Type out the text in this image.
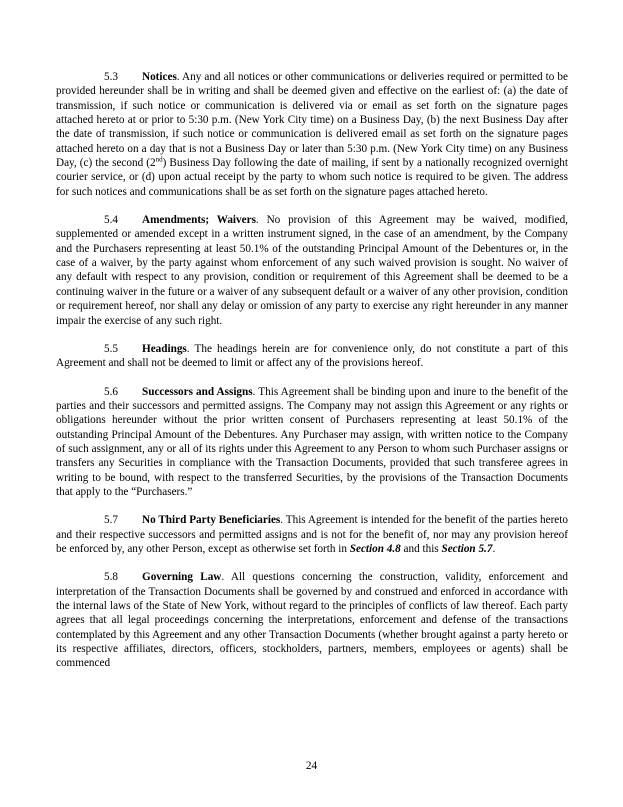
5.3 Notices. Any and all notices or other communications or deliveries required or permitted to be provided hereunder shall be in writing and shall be deemed given and effective on the earliest of: (a) the date of transmission, if such notice or communication is delivered via or email as set forth on the signature pages attached hereto at or prior to 5:30 p.m. (New York City time) on a Business Day, (b) the next Business Day after the date of transmission, if such notice or communication is delivered email as set forth on the signature pages attached hereto on a day that is not a Business Day or later than 5:30 p.m. (New York City time) on any Business Day, (c) the second (2nd) Business Day following the date of mailing, if sent by a nationally recognized overnight courier service, or (d) upon actual receipt by the party to whom such notice is required to be given. The address for such notices and communications shall be as set forth on the signature pages attached hereto.

5.4 Amendments; Waivers. No provision of this Agreement may be waived, modified, supplemented or amended except in a written instrument signed, in the case of an amendment, by the Company and the Purchasers representing at least 50.1% of the outstanding Principal Amount of the Debentures or, in the case of a waiver, by the party against whom enforcement of any such waived provision is sought. No waiver of any default with respect to any provision, condition or requirement of this Agreement shall be deemed to be a continuing waiver in the future or a waiver of any subsequent default or a waiver of any other provision, condition or requirement hereof, nor shall any delay or omission of any party to exercise any right hereunder in any manner impair the exercise of any such right.

5.5 Headings. The headings herein are for convenience only, do not constitute a part of this Agreement and shall not be deemed to limit or affect any of the provisions hereof.

5.6 Successors and Assigns. This Agreement shall be binding upon and inure to the benefit of the parties and their successors and permitted assigns. The Company may not assign this Agreement or any rights or obligations hereunder without the prior written consent of Purchasers representing at least 50.1% of the outstanding Principal Amount of the Debentures. Any Purchaser may assign, with written notice to the Company of such assignment, any or all of its rights under this Agreement to any Person to whom such Purchaser assigns or transfers any Securities in compliance with the Transaction Documents, provided that such transferee agrees in writing to be bound, with respect to the transferred Securities, by the provisions of the Transaction Documents that apply to the “Purchasers.”

5.7 No Third Party Beneficiaries. This Agreement is intended for the benefit of the parties hereto and their respective successors and permitted assigns and is not for the benefit of, nor may any provision hereof be enforced by, any other Person, except as otherwise set forth in Section 4.8 and this Section 5.7.

5.8 Governing Law. All questions concerning the construction, validity, enforcement and interpretation of the Transaction Documents shall be governed by and construed and enforced in accordance with the internal laws of the State of New York, without regard to the principles of conflicts of law thereof. Each party agrees that all legal proceedings concerning the interpretations, enforcement and defense of the transactions contemplated by this Agreement and any other Transaction Documents (whether brought against a party hereto or its respective affiliates, directors, officers, stockholders, partners, members, employees or agents) shall be commenced

24
